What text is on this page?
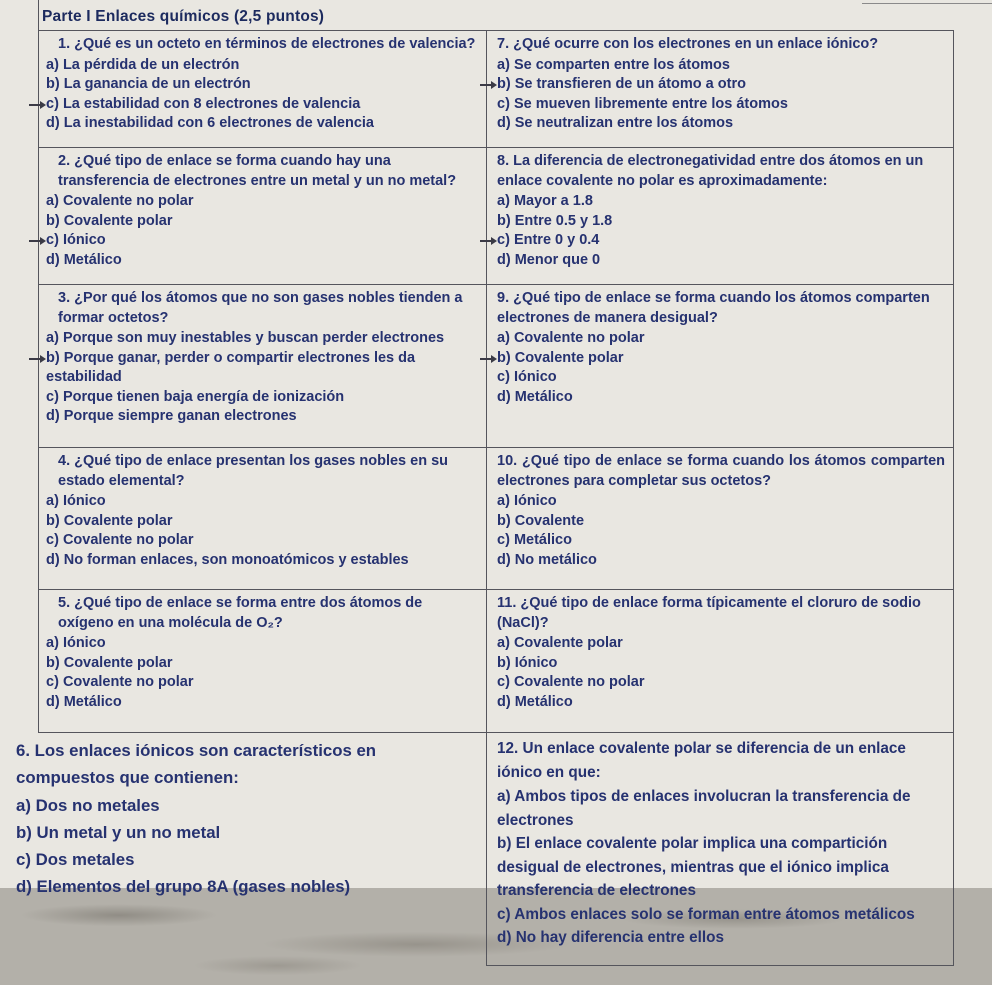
Parte I Enlaces químicos (2,5 puntos)
1. ¿Qué es un octeto en términos de electrones de valencia?
a) La pérdida de un electrón
b) La ganancia de un electrón
c) La estabilidad con 8 electrones de valencia
d) La inestabilidad con 6 electrones de valencia
7. ¿Qué ocurre con los electrones en un enlace iónico?
a) Se comparten entre los átomos
b) Se transfieren de un átomo a otro
c) Se mueven libremente entre los átomos
d) Se neutralizan entre los átomos
2. ¿Qué tipo de enlace se forma cuando hay una transferencia de electrones entre un metal y un no metal?
a) Covalente no polar
b) Covalente polar
c) Iónico
d) Metálico
8. La diferencia de electronegatividad entre dos átomos en un enlace covalente no polar es aproximadamente:
a) Mayor a 1.8
b) Entre 0.5 y 1.8
c) Entre 0 y 0.4
d) Menor que 0
3. ¿Por qué los átomos que no son gases nobles tienden a formar octetos?
a) Porque son muy inestables y buscan perder electrones
b) Porque ganar, perder o compartir electrones les da estabilidad
c) Porque tienen baja energía de ionización
d) Porque siempre ganan electrones
9. ¿Qué tipo de enlace se forma cuando los átomos comparten electrones de manera desigual?
a) Covalente no polar
b) Covalente polar
c) Iónico
d) Metálico
4. ¿Qué tipo de enlace presentan los gases nobles en su estado elemental?
a) Iónico
b) Covalente polar
c) Covalente no polar
d) No forman enlaces, son monoatómicos y estables
10. ¿Qué tipo de enlace se forma cuando los átomos comparten electrones para completar sus octetos?
a) Iónico
b) Covalente
c) Metálico
d) No metálico
5. ¿Qué tipo de enlace se forma entre dos átomos de oxígeno en una molécula de O₂?
a) Iónico
b) Covalente polar
c) Covalente no polar
d) Metálico
11. ¿Qué tipo de enlace forma típicamente el cloruro de sodio (NaCl)?
a) Covalente polar
b) Iónico
c) Covalente no polar
d) Metálico
6. Los enlaces iónicos son característicos en compuestos que contienen:
a) Dos no metales
b) Un metal y un no metal
c) Dos metales
d) Elementos del grupo 8A (gases nobles)
12. Un enlace covalente polar se diferencia de un enlace iónico en que:
a) Ambos tipos de enlaces involucran la transferencia de electrones
b) El enlace covalente polar implica una compartición desigual de electrones, mientras que el iónico implica transferencia de electrones
c) Ambos enlaces solo se forman entre átomos metálicos
d) No hay diferencia entre ellos
